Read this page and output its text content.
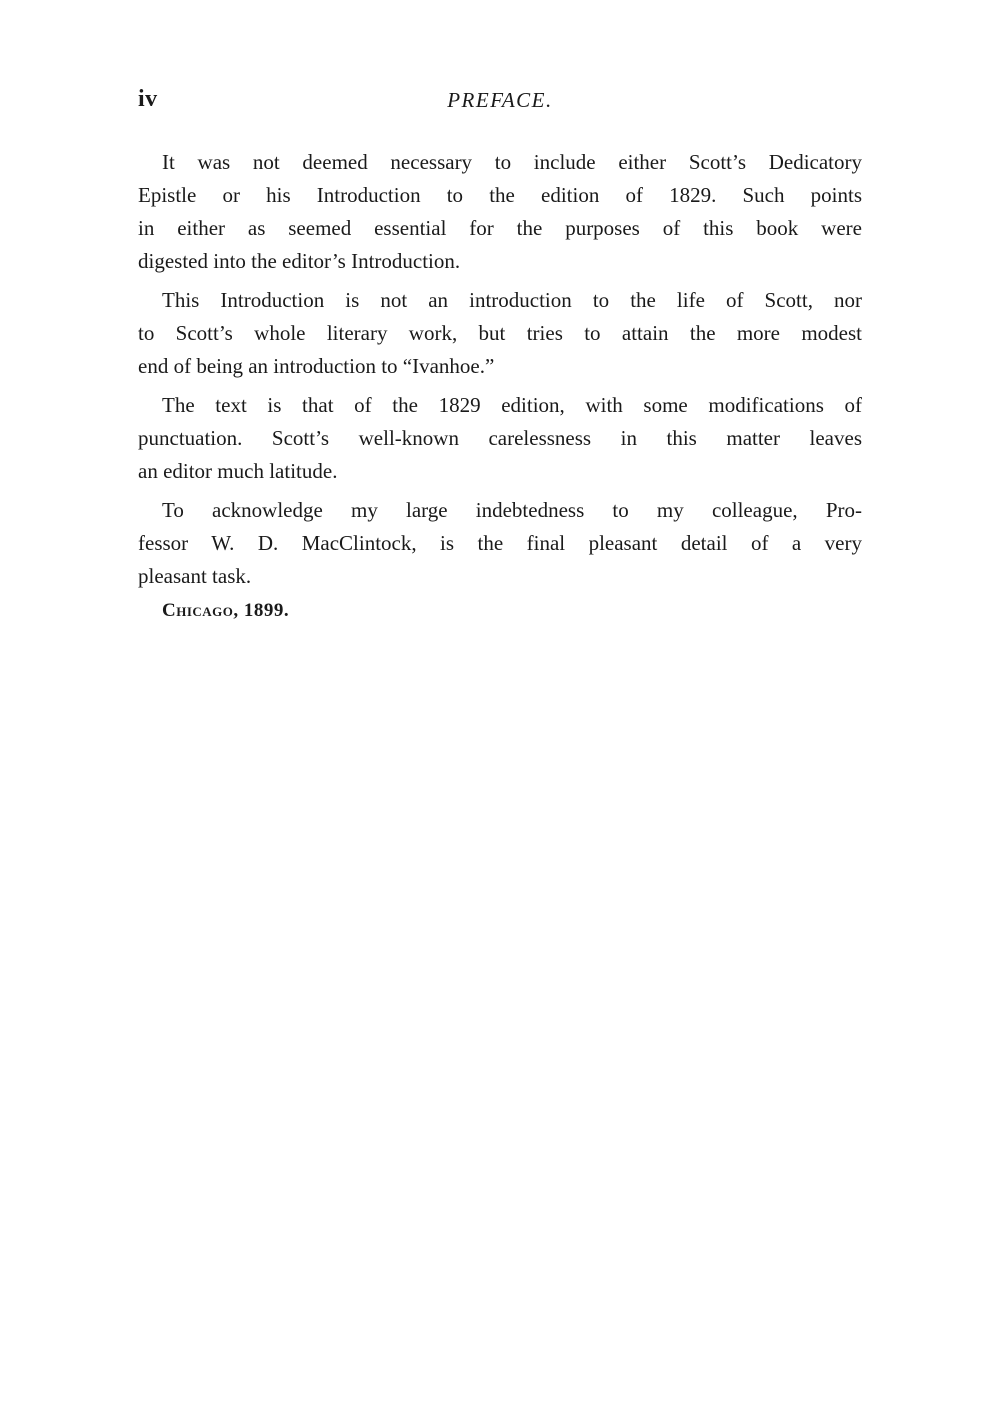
iv	PREFACE.

It was not deemed necessary to include either Scott’s Dedicatory
Epistle or his Introduction to the edition of 1829. Such points
in either as seemed essential for the purposes of this book were
digested into the editor’s Introduction.

This Introduction is not an introduction to the life of Scott, nor
to Scott’s whole literary work, but tries to attain the more modest
end of being an introduction to “Ivanhoe.”

The text is that of the 1829 edition, with some modifications of
punctuation. Scott’s well-known carelessness in this matter leaves
an editor much latitude.

To acknowledge my large indebtedness to my colleague, Pro-
fessor W. D. MacClintock, is the final pleasant detail of a very
pleasant task.

Chicago, 1899.
